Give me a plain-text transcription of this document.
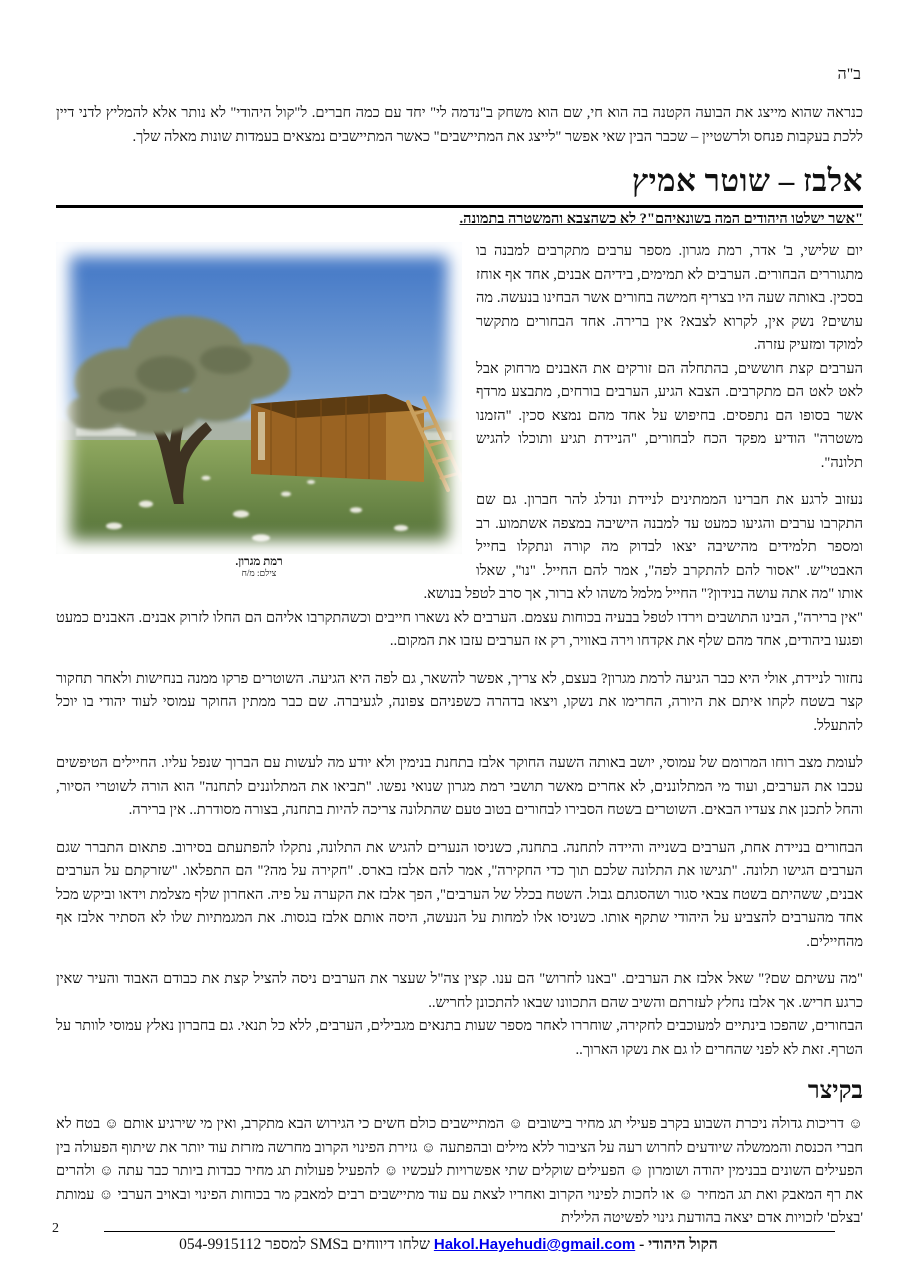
ב"ה

כנראה שהוא מייצג את הבועה הקטנה בה הוא חי, שם הוא משחק ב"נדמה לי" יחד עם כמה חברים. ל"קול היהודי" לא נותר אלא להמליץ לדני דיין ללכת בעקבות פנחס ולרשטיין – שכבר הבין שאי אפשר "לייצג את המתיישבים" כאשר המתיישבים נמצאים בעמדות שונות מאלה שלך.

אלבז – שוטר אמיץ
"אשר ישלטו היהודים המה בשונאיהם"? לא כשהצבא והמשטרה בתמונה.
רמת מגרון.
צילם: מ/ח

יום שלישי, ב' אדר, רמת מגרון. מספר ערבים מתקרבים למבנה בו מתגוררים הבחורים. הערבים לא תמימים, בידיהם אבנים, אחד אף אוחז בסכין. באותה שעה היו בצריף חמישה בחורים אשר הבחינו בנעשה. מה עושים? נשק אין, לקרוא לצבא? אין ברירה. אחד הבחורים מתקשר למוקד ומזעיק עזרה.

הערבים קצת חוששים, בהתחלה הם זורקים את האבנים מרחוק אבל לאט לאט הם מתקרבים. הצבא הגיע, הערבים בורחים, מתבצע מרדף אשר בסופו הם נתפסים. בחיפוש על אחד מהם נמצא סכין. "הזמנו משטרה" הודיע מפקד הכח לבחורים, "הניידת תגיע ותוכלו להגיש תלונה".

נעזוב לרגע את חברינו הממתינים לניידת ונדלג להר חברון. גם שם התקרבו ערבים והגיעו כמעט עד למבנה הישיבה במצפה אשתמוע. רב ומספר תלמידים מהישיבה יצאו לבדוק מה קורה ונתקלו בחייל האבטי"ש. "אסור להם להתקרב לפה", אמר להם החייל. "נו", שאלו אותו "מה אתה עושה בנידון?" החייל מלמל משהו לא ברור, אך סרב לטפל בנושא.

"אין ברירה", הבינו התושבים וירדו לטפל בבעיה בכוחות עצמם. הערבים לא נשארו חייבים וכשהתקרבו אליהם הם החלו לזרוק אבנים. האבנים כמעט ופגעו ביהודים, אחד מהם שלף את אקדחו וירה באוויר, רק אז הערבים עזבו את המקום..

נחזור לניידת, אולי היא כבר הגיעה לרמת מגרון? בעצם, לא צריך, אפשר להשאר, גם לפה היא הגיעה. השוטרים פרקו ממנה בנחישות ולאחר תחקור קצר בשטח לקחו איתם את היורה, החרימו את נשקו, ויצאו בדהרה כשפניהם צפונה, לגעיברה. שם כבר ממתין החוקר עמוסי לעוד יהודי בו יוכל להתעלל.

לעומת מצב רוחו המרומם של עמוסי, יושב באותה השעה החוקר אלבז בתחנת בנימין ולא יודע מה לעשות עם הברוך שנפל עליו. החיילים הטיפשים עכבו את הערבים, ועוד מי המתלוננים, לא אחרים מאשר תושבי רמת מגרון שנואי נפשו. "תביאו את המתלוננים לתחנה" הוא הורה לשוטרי הסיור, והחל לתכנן את צעדיו הבאים. השוטרים בשטח הסבירו לבחורים בטוב טעם שהתלונה צריכה להיות בתחנה, בצורה מסודרת.. אין ברירה.

הבחורים בניידת אחת, הערבים בשנייה והיידה לתחנה. בתחנה, כשניסו הנערים להגיש את התלונה, נתקלו להפתעתם בסירוב. פתאום התברר שגם הערבים הגישו תלונה. "תגישו את התלונה שלכם תוך כדי החקירה", אמר להם אלבז בארס. "חקירה על מה?" הם התפלאו. "שזרקתם על הערבים אבנים, ששהיתם בשטח צבאי סגור ושהסגתם גבול. השטח בכלל של הערבים", הפך אלבז את הקערה על פיה. האחרון שלף מצלמת וידאו וביקש מכל אחד מהערבים להצביע על היהודי שתקף אותו. כשניסו אלו למחות על הנעשה, היסה אותם אלבז בגסות. את המגמתיות שלו לא הסתיר אלבז אף מהחיילים.

"מה עשיתם שם?" שאל אלבז את הערבים. "באנו לחרוש" הם ענו. קצין צה"ל שעצר את הערבים ניסה להציל קצת את כבודם האבוד והעיר שאין כרגע חריש. אך אלבז נחלץ לעזרתם והשיב שהם התכוונו שבאו להתכונן לחריש..

הבחורים, שהפכו בינתיים למעוכבים לחקירה, שוחררו לאחר מספר שעות בתנאים מגבילים, הערבים, ללא כל תנאי. גם בחברון נאלץ עמוסי לוותר על הטרף. זאת לא לפני שהחרים לו גם את נשקו הארוך..

בקיצר

☺ דריכות גדולה ניכרת השבוע בקרב פעילי תג מחיר בישובים ☺ המתיישבים כולם חשים כי הגירוש הבא מתקרב, ואין מי שירגיע אותם ☺ בטח לא חברי הכנסת והממשלה שיודעים לחרוש רעה על הציבור ללא מילים ובהפתעה ☺ גזירת הפינוי הקרוב מחרשה מזרזת עוד יותר את שיתוף הפעולה בין הפעילים השונים בבנימין יהודה ושומרון ☺ הפעילים שוקלים שתי אפשרויות לעכשיו ☺ להפעיל פעולות תג מחיר כבדות ביותר כבר עתה ☺ ולהרים את רף המאבק ואת תג המחיר ☺ או לחכות לפינוי הקרוב ואחריו לצאת עם עוד מתיישבים רבים למאבק מר בכוחות הפינוי ובאויב הערבי ☺ עמותת 'בצלם' לזכויות אדם יצאה בהודעת גינוי לפשיטה הלילית

2
הקול היהודי - Hakol.Hayehudi@gmail.com שלחו דיווחים בSMS למספר 054-9915112
